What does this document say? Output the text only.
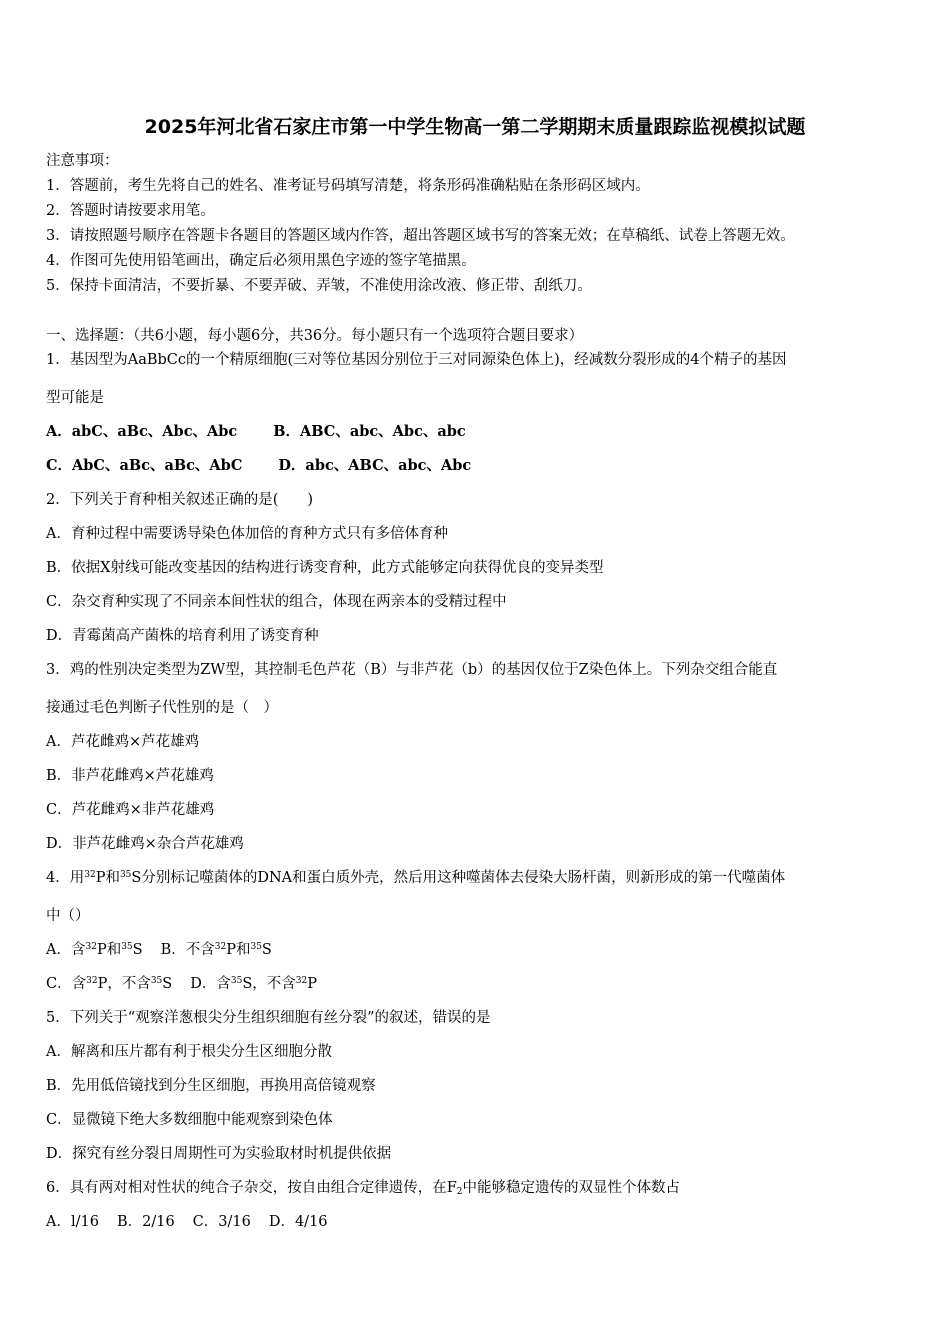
2025年河北省石家庄市第一中学生物高一第二学期期末质量跟踪监视模拟试题
注意事项：
1．答题前，考生先将自己的姓名、准考证号码填写清楚，将条形码准确粘贴在条形码区域内。
2．答题时请按要求用笔。
3．请按照题号顺序在答题卡各题目的答题区域内作答，超出答题区域书写的答案无效；在草稿纸、试卷上答题无效。
4．作图可先使用铅笔画出，确定后必须用黑色字迹的签字笔描黑。
5．保持卡面清洁，不要折暴、不要弄破、弄皱，不准使用涂改液、修正带、刮纸刀。
一、选择题：（共6小题，每小题6分，共36分。每小题只有一个选项符合题目要求）
1．基因型为AaBbCc的一个精原细胞(三对等位基因分别位于三对同源染色体上)，经减数分裂形成的4个精子的基因
型可能是
A．abC、aBc、Abc、Abc B．ABC、abc、Abc、abc
C．AbC、aBc、aBc、AbC D．abc、ABC、abc、Abc
2．下列关于育种相关叙述正确的是(　　)
A．育种过程中需要诱导染色体加倍的育种方式只有多倍体育种
B．依据X射线可能改变基因的结构进行诱变育种，此方式能够定向获得优良的变异类型
C．杂交育种实现了不同亲本间性状的组合，体现在两亲本的受精过程中
D．青霉菌高产菌株的培育利用了诱变育种
3．鸡的性别决定类型为ZW型，其控制毛色芦花（B）与非芦花（b）的基因仅位于Z染色体上。下列杂交组合能直
接通过毛色判断子代性别的是（　）
A．芦花雌鸡×芦花雄鸡
B．非芦花雌鸡×芦花雄鸡
C．芦花雌鸡×非芦花雄鸡
D．非芦花雌鸡×杂合芦花雄鸡
4．用$^{32}$P和$^{35}$S分别标记噬菌体的DNA和蛋白质外壳，然后用这种噬菌体去侵染大肠杆菌，则新形成的第一代噬菌体
中（）
A．含$^{32}$P和$^{35}$S B．不含$^{32}$P和$^{35}$S
C．含$^{32}$P，不含$^{35}$S D．含$^{35}$S，不含$^{32}$P
5．下列关于“观察洋葱根尖分生组织细胞有丝分裂”的叙述，错误的是
A．解离和压片都有利于根尖分生区细胞分散
B．先用低倍镜找到分生区细胞，再换用高倍镜观察
C．显微镜下绝大多数细胞中能观察到染色体
D．探究有丝分裂日周期性可为实验取材时机提供依据
6．具有两对相对性状的纯合子杂交，按自由组合定律遗传，在$F_2$中能够稳定遗传的双显性个体数占
A．l/16 B．2/16 C．3/16 D．4/16
